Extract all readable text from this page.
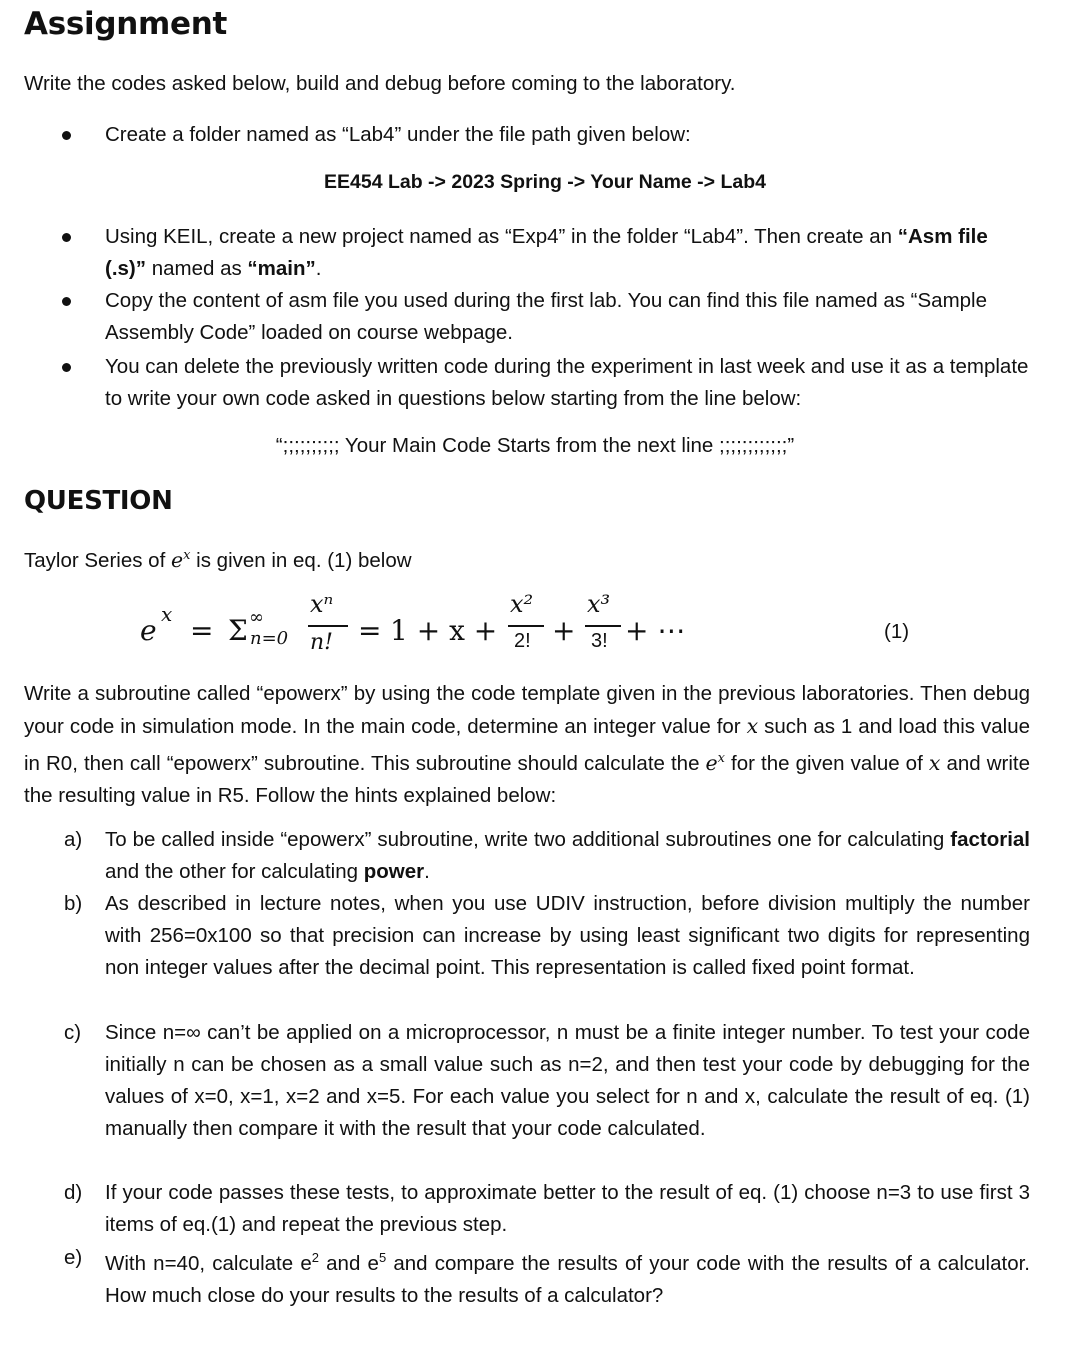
Assignment
Write the codes asked below, build and debug before coming to the laboratory.
Create a folder named as “Lab4” under the file path given below:
EE454 Lab -> 2023 Spring -> Your Name -> Lab4
Using KEIL, create a new project named as “Exp4” in the folder “Lab4”. Then create an “Asm file (.s)” named as “main”.
Copy the content of asm file you used during the first lab. You can find this file named as “Sample Assembly Code” loaded on course webpage.
You can delete the previously written code during the experiment in last week and use it as a template to write your own code asked in questions below starting from the line below:
“;;;;;;;;;; Your Main Code Starts from the next line ;;;;;;;;;;;;”
QUESTION
Taylor Series of $e^x$ is given in eq. (1) below
e x = Σ ∞
n=0
xⁿ
n! = 1 + x +
x²
2! +
x³
3! + ⋯	(1)
Write a subroutine called “epowerx” by using the code template given in the previous laboratories. Then debug your code in simulation mode. In the main code, determine an integer value for x such as 1 and load this value in R0, then call “epowerx” subroutine. This subroutine should calculate the $e^x$ for the given value of x and write the resulting value in R5. Follow the hints explained below:
a) To be called inside “epowerx” subroutine, write two additional subroutines one for calculating factorial and the other for calculating power.
b) As described in lecture notes, when you use UDIV instruction, before division multiply the number with 256=0x100 so that precision can increase by using least significant two digits for representing non integer values after the decimal point. This representation is called fixed point format.
c) Since n=∞ can’t be applied on a microprocessor, n must be a finite integer number. To test your code initially n can be chosen as a small value such as n=2, and then test your code by debugging for the values of x=0, x=1, x=2 and x=5. For each value you select for n and x, calculate the result of eq. (1) manually then compare it with the result that your code calculated.
d) If your code passes these tests, to approximate better to the result of eq. (1) choose n=3 to use first 3 items of eq.(1) and repeat the previous step.
e) With n=40, calculate $e^2$ and $e^5$ and compare the results of your code with the results of a calculator. How much close do your results to the results of a calculator?
